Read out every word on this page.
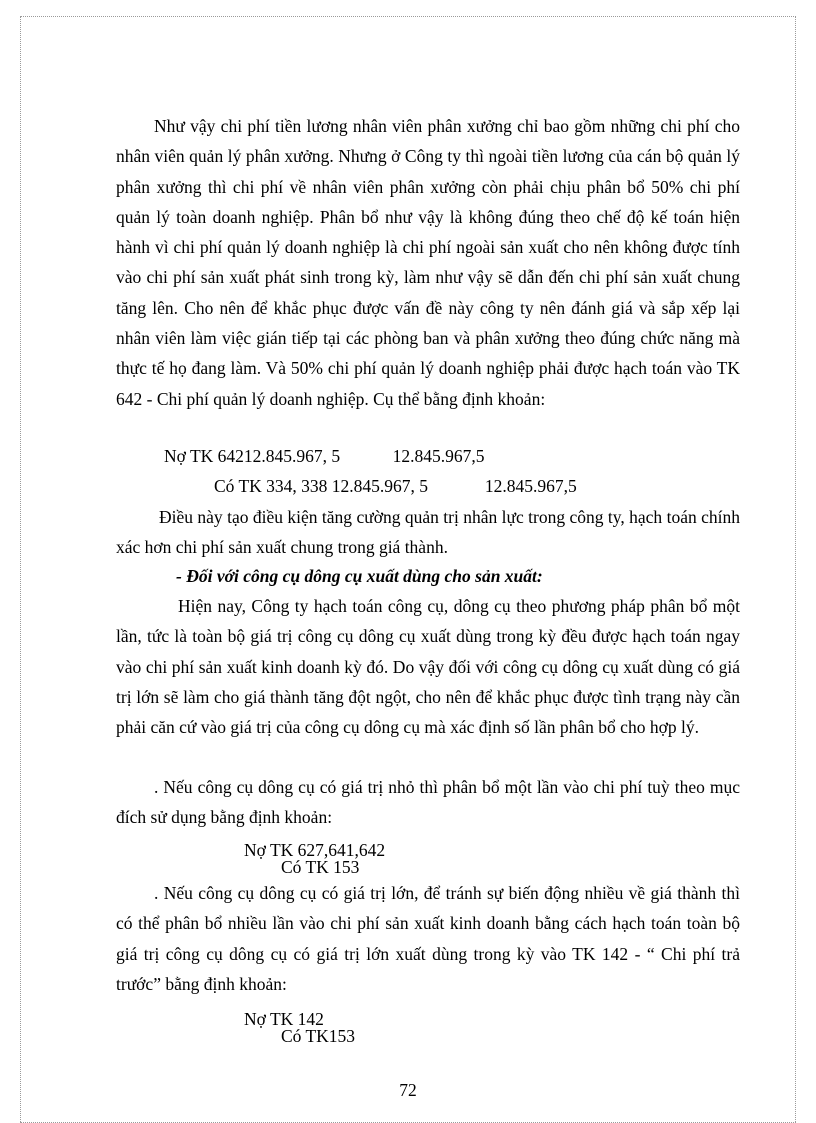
Như vậy chi phí tiền lương nhân viên phân xưởng chỉ bao gồm những chi phí cho nhân viên quản lý phân xưởng. Nhưng ở Công ty thì ngoài tiền lương của cán bộ quản lý phân xưởng thì chi phí về nhân viên phân xưởng còn phải chịu phân bổ 50% chi phí quản lý toàn doanh nghiệp. Phân bổ như vậy là không đúng theo chế độ kế toán hiện hành vì chi phí quản lý doanh nghiệp là chi phí ngoài sản xuất cho nên không được tính vào chi phí sản xuất phát sinh trong kỳ, làm như vậy sẽ dẫn đến chi phí sản xuất chung tăng lên. Cho nên để khắc phục được vấn đề này công ty nên đánh giá và sắp xếp lại nhân viên làm việc gián tiếp tại các phòng ban và phân xưởng theo đúng chức năng mà thực tế họ đang làm. Và 50% chi phí quản lý doanh nghiệp phải được hạch toán vào TK 642 - Chi phí quản lý doanh nghiệp. Cụ thể bằng định khoản:

Nợ TK 64212.845.967, 5            12.845.967,5

Có TK 334, 338 12.845.967, 5             12.845.967,5

Điều này tạo điều kiện tăng cường quản trị nhân lực trong công ty, hạch toán chính xác hơn chi phí sản xuất chung trong giá thành.

- Đối với công cụ dông cụ xuất dùng cho sản xuất:

Hiện nay, Công ty hạch toán công cụ, dông cụ theo phương pháp phân bổ một lần, tức là toàn bộ giá trị công cụ dông cụ xuất dùng trong kỳ đều được hạch toán ngay vào chi phí sản xuất kinh doanh kỳ đó. Do vậy đối với công cụ dông cụ xuất dùng có giá trị lớn sẽ làm cho giá thành tăng đột ngột, cho nên để khắc phục được tình trạng này cần phải căn cứ vào giá trị của công cụ dông cụ mà xác định số lần phân bổ cho hợp lý.

. Nếu công cụ dông cụ có giá trị nhỏ thì phân bổ một lần vào chi phí tuỳ theo mục đích sử dụng bằng định khoản:

Nợ TK 627,641,642

Có TK 153

. Nếu công cụ dông cụ có giá trị lớn, để tránh sự biến động nhiều về giá thành thì có thể phân bổ nhiều lần vào chi phí sản xuất kinh doanh bằng cách hạch toán toàn bộ giá trị công cụ dông cụ có giá trị lớn xuất dùng trong kỳ vào TK 142 - “ Chi phí trả trước” bằng định khoản:

Nợ TK 142

Có TK153

72
